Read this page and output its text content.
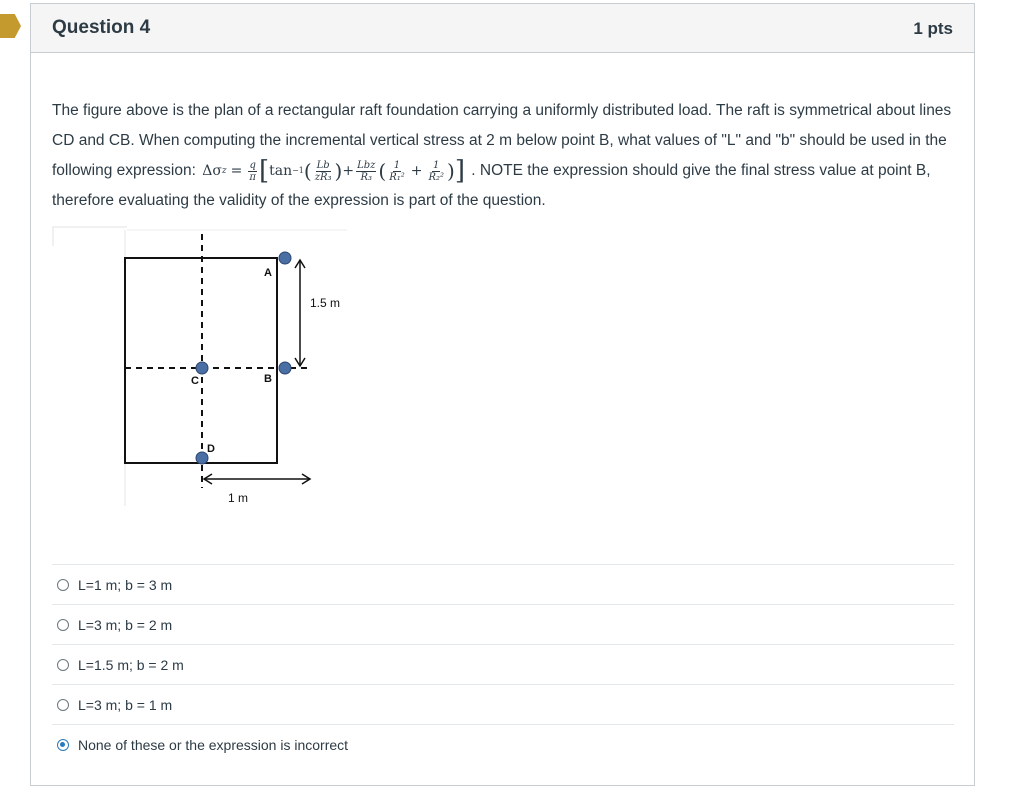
Question 4	1 pts
The figure above is the plan of a rectangular raft foundation carrying a uniformly distributed load. The raft is symmetrical about lines CD and CB. When computing the incremental vertical stress at 2 m below point B, what values of "L" and "b" should be used in the following expression: Δσ $z = \frac{q}{\pi}$ [ tan −1 ( $\frac{Lb}{\text{zR₃}}$ ) + $\frac{\text{Lbz}}{\text{R₃}}$ ( $\frac{1}{\text{R₁²}} + \frac{1}{\text{R₂²}}$ ) ] . NOTE the expression should give the final stress value at point B, therefore evaluating the validity of the expression is part of the question.
A
B
C
D
1.5 m
1 m
L=1 m; b = 3 m
L=3 m; b = 2 m
L=1.5 m; b = 2 m
L=3 m; b = 1 m
None of these or the expression is incorrect
